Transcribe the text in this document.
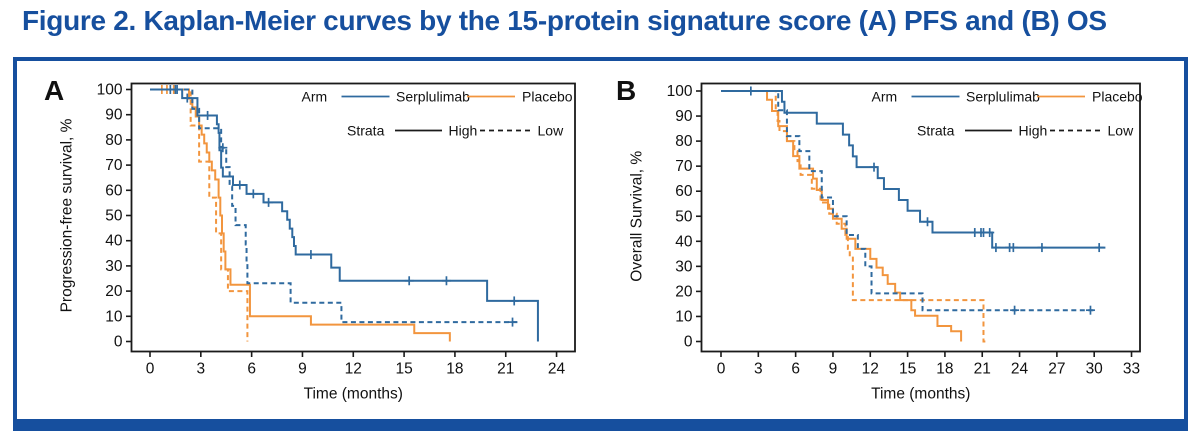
Figure 2. Kaplan-Meier curves by the 15-protein signature score (A) PFS and (B) OS
A
0	3	6	9 12 15 18 21 24
Time (months)
0
10
20
30
40
50
60
70
80
90
100
Progression-free survival, %
Arm	Serplulimab	Placebo
Strata	High	Low
B
0 3 6 9 12 15 18 21 24 27 30 33
Time (months)
0
10
20
30
40
50
60
70
80
90
100
Overall Survival, %
Arm	Serplulimab	Placebo
Strata	High	Low
